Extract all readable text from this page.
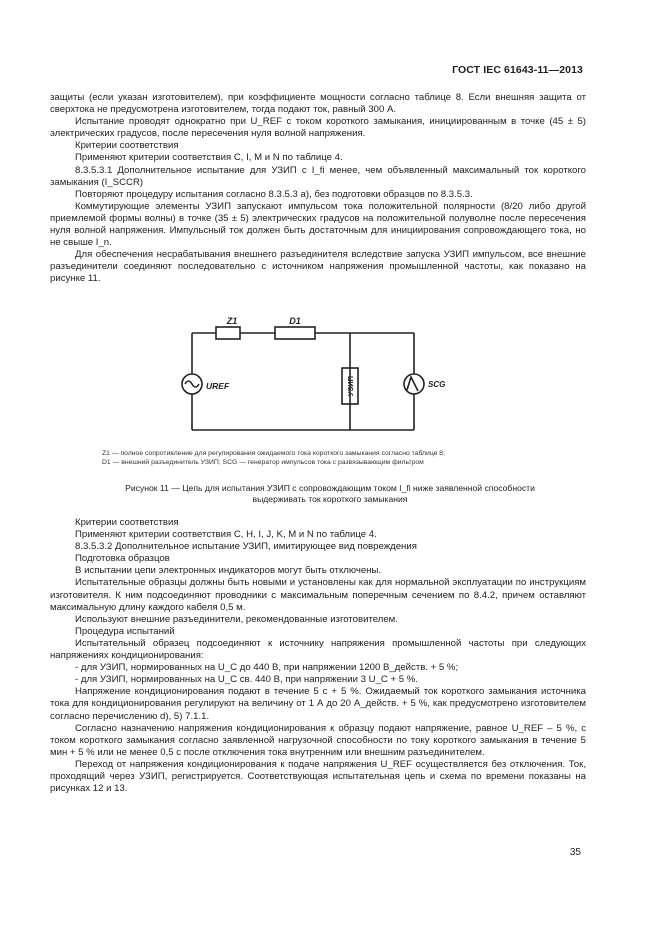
ГОСТ IEC 61643-11—2013

защиты (если указан изготовителем), при коэффициенте мощности согласно таблице 8. Если внешняя защита от сверхтока не предусмотрена изготовителем, тогда подают ток, равный 300 А.

Испытание проводят однократно при U_REF с током короткого замыкания, инициированным в точке (45 ± 5) электрических градусов, после пересечения нуля волной напряжения.

Критерии соответствия

Применяют критерии соответствия С, I, M и N по таблице 4.

8.3.5.3.1 Дополнительное испытание для УЗИП с I_fi менее, чем объявленный максимальный ток короткого замыкания (I_SCCR)

Повторяют процедуру испытания согласно 8.3.5.3 а), без подготовки образцов по 8.3.5.3.

Коммутирующие элементы УЗИП запускают импульсом тока положительной полярности (8/20 либо другой приемлемой формы волны) в точке (35 ± 5) электрических градусов на положительной полуволне после пересечения нуля волной напряжения. Импульсный ток должен быть достаточным для инициирования сопровождающего тока, но не свыше I_n.

Для обеспечения несрабатывания внешнего разъединителя вследствие запуска УЗИП импульсом, все внешние разъединители соединяют последовательно с источником напряжения промышленной частоты, как показано на рисунке 11.

Z1	D1
UREF	SCG
УЗИП
Z1 — полное сопротивление для регулирования ожидаемого тока короткого замыкания согласно таблице 8;
D1 — внешний разъединитель УЗИП; SCG — генератор импульсов тока с развязывающим фильтром
Рисунок 11 — Цепь для испытания УЗИП с сопровождающим током I_fi ниже заявленной способности
выдерживать ток короткого замыкания

Критерии соответствия

Применяют критерии соответствия С, Н, I, J, K, M и N по таблице 4.

8.3.5.3.2 Дополнительное испытание УЗИП, имитирующее вид повреждения

Подготовка образцов

В испытании цепи электронных индикаторов могут быть отключены.

Испытательные образцы должны быть новыми и установлены как для нормальной эксплуатации по инструкциям изготовителя. К ним подсоединяют проводники с максимальным поперечным сечением по 8.4.2, причем оставляют максимальную длину каждого кабеля 0,5 м.

Используют внешние разъединители, рекомендованные изготовителем.

Процедура испытаний

Испытательный образец подсоединяют к источнику напряжения промышленной частоты при следующих напряжениях кондиционирования:

- для УЗИП, нормированных на U_C до 440 В, при напряжении 1200 В_действ. + 5 %;

- для УЗИП, нормированных на U_C св. 440 В, при напряжении 3 U_C + 5 %.

Напряжение кондиционирования подают в течение 5 с + 5 %. Ожидаемый ток короткого замыкания источника тока для кондиционирования регулируют на величину от 1 А до 20 А_действ. + 5 %, как предусмотрено изготовителем согласно перечислению d), 5) 7.1.1.

Согласно назначению напряжения кондиционирования к образцу подают напряжение, равное U_REF – 5 %, с током короткого замыкания согласно заявленной нагрузочной способности по току короткого замыкания в течение 5 мин + 5 % или не менее 0,5 с после отключения тока внутренним или внешним разъединителем.

Переход от напряжения кондиционирования к подаче напряжения U_REF осуществляется без отключения. Ток, проходящий через УЗИП, регистрируется. Соответствующая испытательная цепь и схема по времени показаны на рисунках 12 и 13.

35
